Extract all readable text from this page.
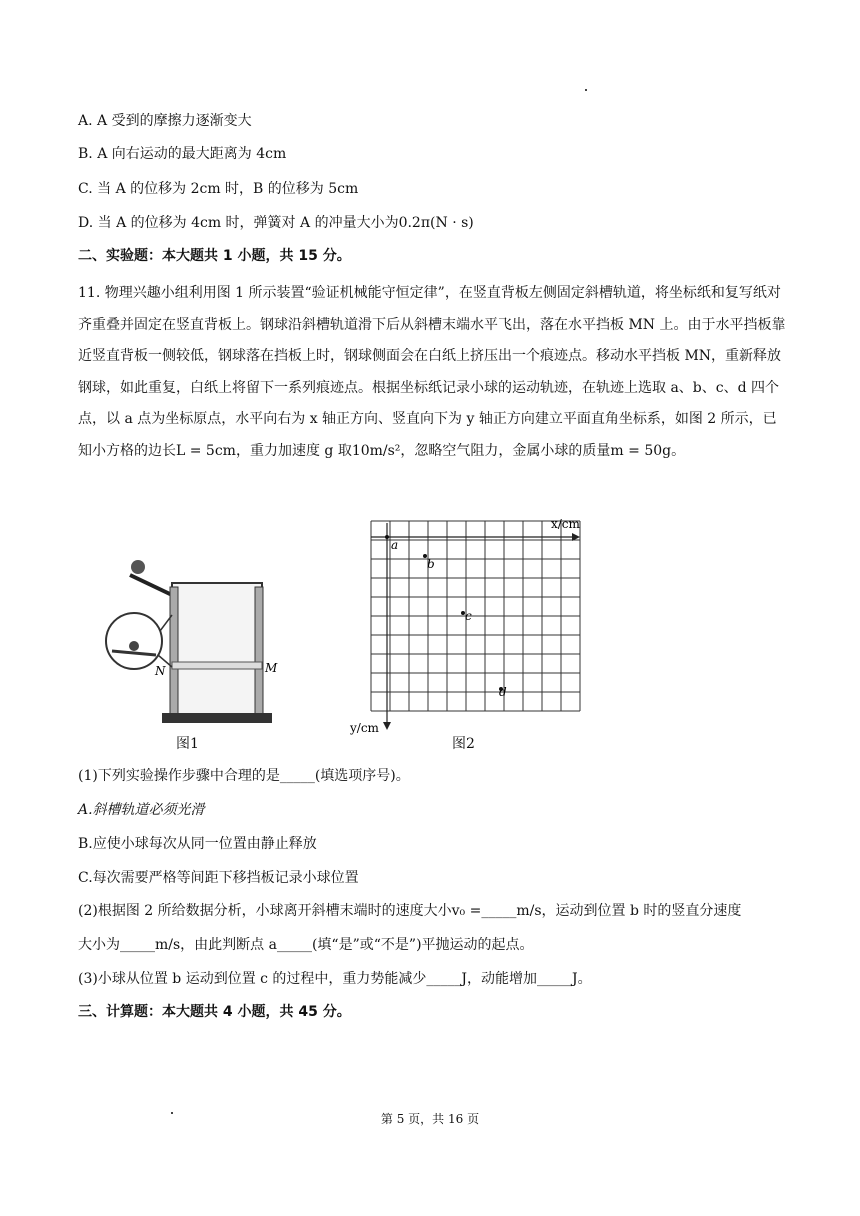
A. A 受到的摩擦力逐渐变大
B. A 向右运动的最大距离为 4cm
C. 当 A 的位移为 2cm 时，B 的位移为 5cm
D. 当 A 的位移为 4cm 时，弹簧对 A 的冲量大小为0.2π(N · s)
二、实验题：本大题共 1 小题，共 15 分。
11. 物理兴趣小组利用图 1 所示装置“验证机械能守恒定律”，在竖直背板左侧固定斜槽轨道，将坐标纸和复写纸对齐重叠并固定在竖直背板上。钢球沿斜槽轨道滑下后从斜槽末端水平飞出，落在水平挡板 MN 上。由于水平挡板靠近竖直背板一侧较低，钢球落在挡板上时，钢球侧面会在白纸上挤压出一个痕迹点。移动水平挡板 MN，重新释放钢球，如此重复，白纸上将留下一系列痕迹点。根据坐标纸记录小球的运动轨迹，在轨迹上选取 a、b、c、d 四个点，以 a 点为坐标原点，水平向右为 x 轴正方向、竖直向下为 y 轴正方向建立平面直角坐标系，如图 2 所示，已知小方格的边长L = 5cm，重力加速度 g 取10m/s²，忽略空气阻力，金属小球的质量m = 50g。
N	M
图1
x/cm
y/cm
a
b
c
d
图2
(1)下列实验操作步骤中合理的是_____(填选项序号)。
A.斜槽轨道必须光滑
B.应使小球每次从同一位置由静止释放
C.每次需要严格等间距下移挡板记录小球位置
(2)根据图 2 所给数据分析，小球离开斜槽末端时的速度大小v₀ =_____m/s，运动到位置 b 时的竖直分速度
大小为_____m/s，由此判断点 a_____(填“是”或“不是”)平抛运动的起点。
(3)小球从位置 b 运动到位置 c 的过程中，重力势能减少_____J，动能增加_____J。
三、计算题：本大题共 4 小题，共 45 分。
第 5 页，共 16 页
